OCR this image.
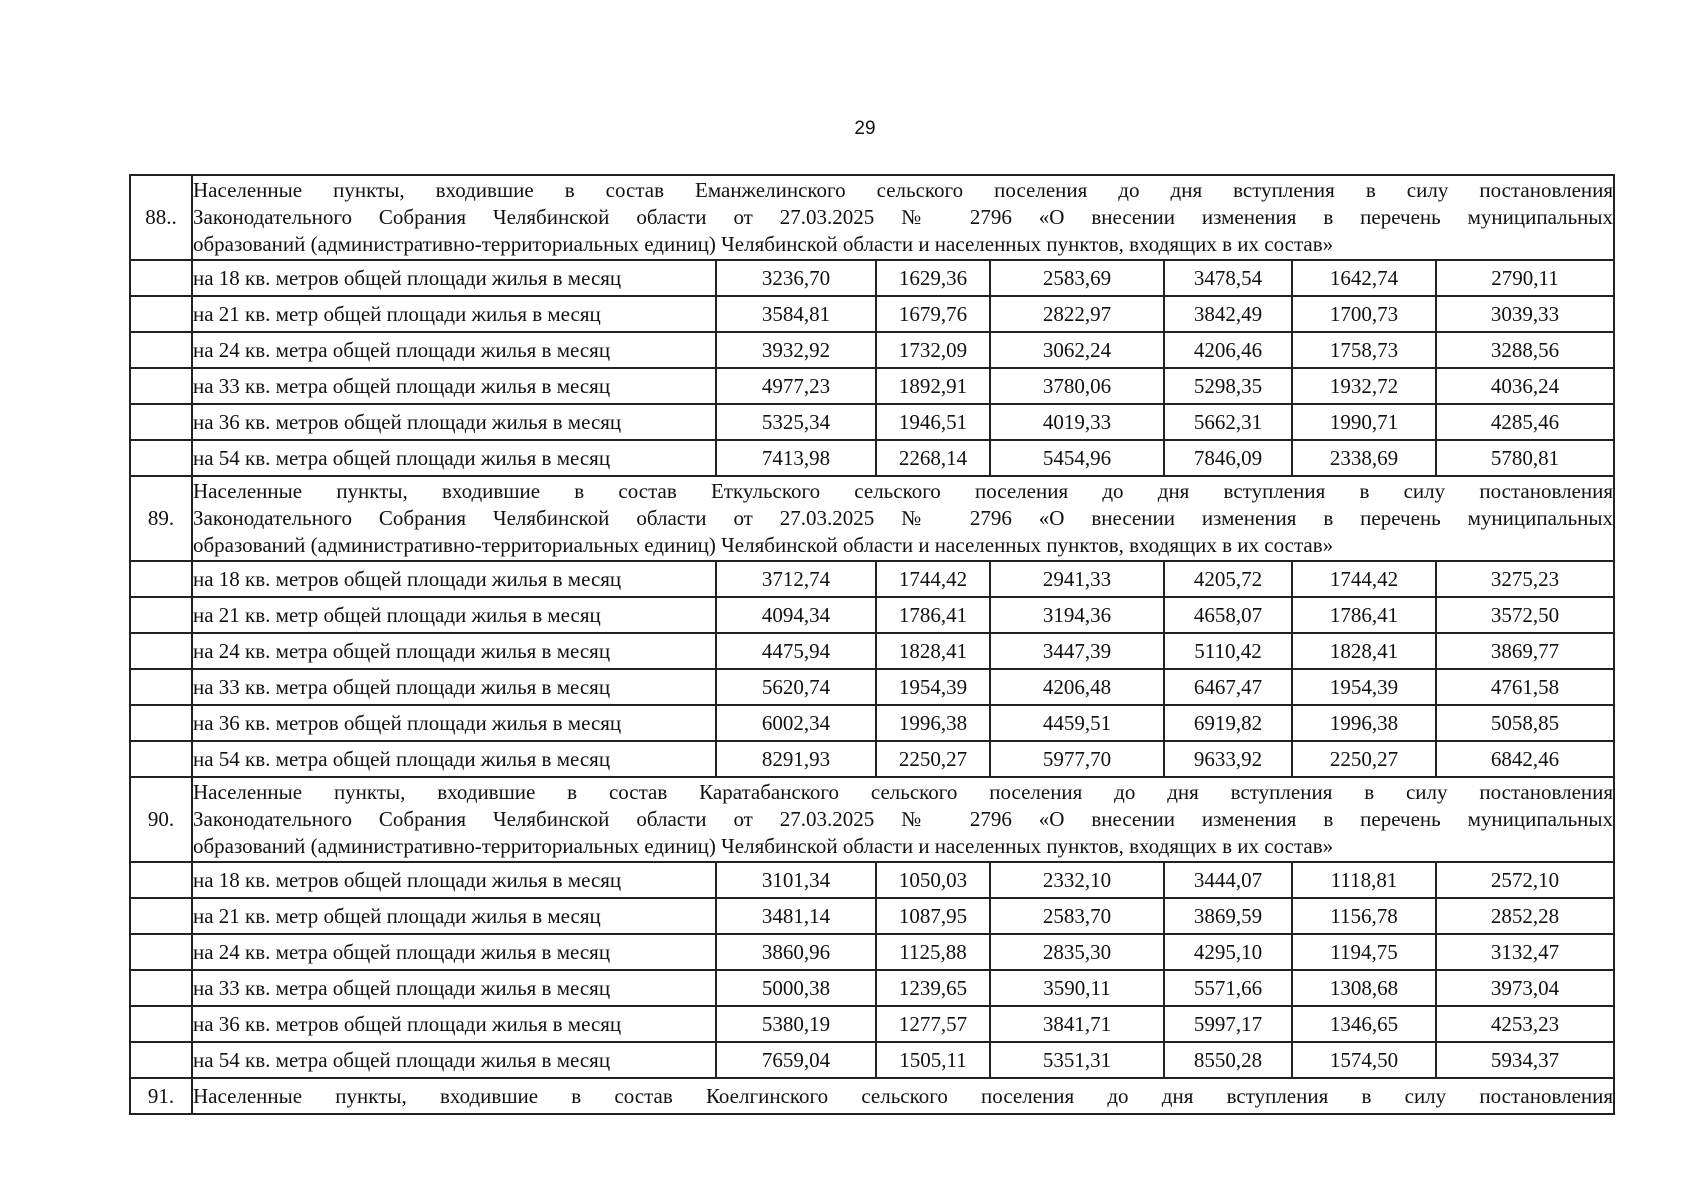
29
88..	Населенные пункты, входившие в состав Еманжелинского сельского поселения до дня вступления в силу постановления
Законодательного Собрания Челябинской области от 27.03.2025 № 2796 «О внесении изменения в перечень муниципальных
образований (административно-территориальных единиц) Челябинской области и населенных пунктов, входящих в их состав»						

	на 18 кв. метров общей площади жилья в месяц	3236,70	1629,36	2583,69	3478,54	1642,74	2790,11
	на 21 кв. метр общей площади жилья в месяц	3584,81	1679,76	2822,97	3842,49	1700,73	3039,33
	на 24 кв. метра общей площади жилья в месяц	3932,92	1732,09	3062,24	4206,46	1758,73	3288,56
	на 33 кв. метра общей площади жилья в месяц	4977,23	1892,91	3780,06	5298,35	1932,72	4036,24
	на 36 кв. метров общей площади жилья в месяц	5325,34	1946,51	4019,33	5662,31	1990,71	4285,46
	на 54 кв. метра общей площади жилья в месяц	7413,98	2268,14	5454,96	7846,09	2338,69	5780,81
89.	Населенные пункты, входившие в состав Еткульского сельского поселения до дня вступления в силу постановления
Законодательного Собрания Челябинской области от 27.03.2025 № 2796 «О внесении изменения в перечень муниципальных
образований (административно-территориальных единиц) Челябинской области и населенных пунктов, входящих в их состав»						

	на 18 кв. метров общей площади жилья в месяц	3712,74	1744,42	2941,33	4205,72	1744,42	3275,23
	на 21 кв. метр общей площади жилья в месяц	4094,34	1786,41	3194,36	4658,07	1786,41	3572,50
	на 24 кв. метра общей площади жилья в месяц	4475,94	1828,41	3447,39	5110,42	1828,41	3869,77
	на 33 кв. метра общей площади жилья в месяц	5620,74	1954,39	4206,48	6467,47	1954,39	4761,58
	на 36 кв. метров общей площади жилья в месяц	6002,34	1996,38	4459,51	6919,82	1996,38	5058,85
	на 54 кв. метра общей площади жилья в месяц	8291,93	2250,27	5977,70	9633,92	2250,27	6842,46
90.	Населенные пункты, входившие в состав Каратабанского сельского поселения до дня вступления в силу постановления
Законодательного Собрания Челябинской области от 27.03.2025 № 2796 «О внесении изменения в перечень муниципальных
образований (административно-территориальных единиц) Челябинской области и населенных пунктов, входящих в их состав»						

	на 18 кв. метров общей площади жилья в месяц	3101,34	1050,03	2332,10	3444,07	1118,81	2572,10
	на 21 кв. метр общей площади жилья в месяц	3481,14	1087,95	2583,70	3869,59	1156,78	2852,28
	на 24 кв. метра общей площади жилья в месяц	3860,96	1125,88	2835,30	4295,10	1194,75	3132,47
	на 33 кв. метра общей площади жилья в месяц	5000,38	1239,65	3590,11	5571,66	1308,68	3973,04
	на 36 кв. метров общей площади жилья в месяц	5380,19	1277,57	3841,71	5997,17	1346,65	4253,23
	на 54 кв. метра общей площади жилья в месяц	7659,04	1505,11	5351,31	8550,28	1574,50	5934,37
91.	Населенные пункты, входившие в состав Коелгинского сельского поселения до дня вступления в силу постановления						
